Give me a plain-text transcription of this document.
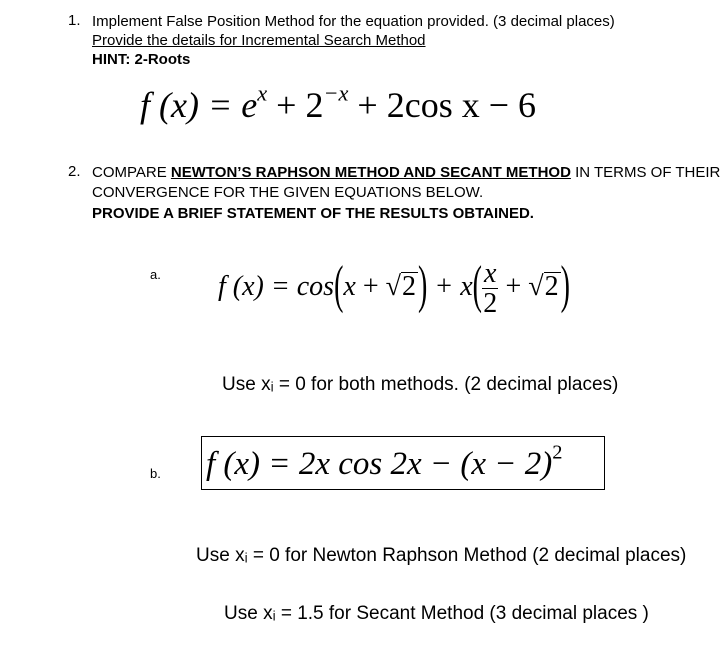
1. Implement False Position Method for the equation provided. (3 decimal places)
Provide the details for Incremental Search Method
HINT: 2-Roots
f $(x) = e^x + 2^{-x} + 2\cos$ x − 6
2. COMPARE NEWTON’S RAPHSON METHOD AND SECANT METHOD IN TERMS OF THEIR
CONVERGENCE FOR THE GIVEN EQUATIONS BELOW.
PROVIDE A BRIEF STATEMENT OF THE RESULTS OBTAINED.
a. f $(x) = \cos(x + √2) + x( \frac{x}{2} + √2)$
Use xᵢ = 0 for both methods. (2 decimal places)
b. f (x) = 2x $\cos 2x - (x - 2)^2$
Use xᵢ = 0 for Newton Raphson Method (2 decimal places)
Use xᵢ = 1.5 for Secant Method (3 decimal places )
